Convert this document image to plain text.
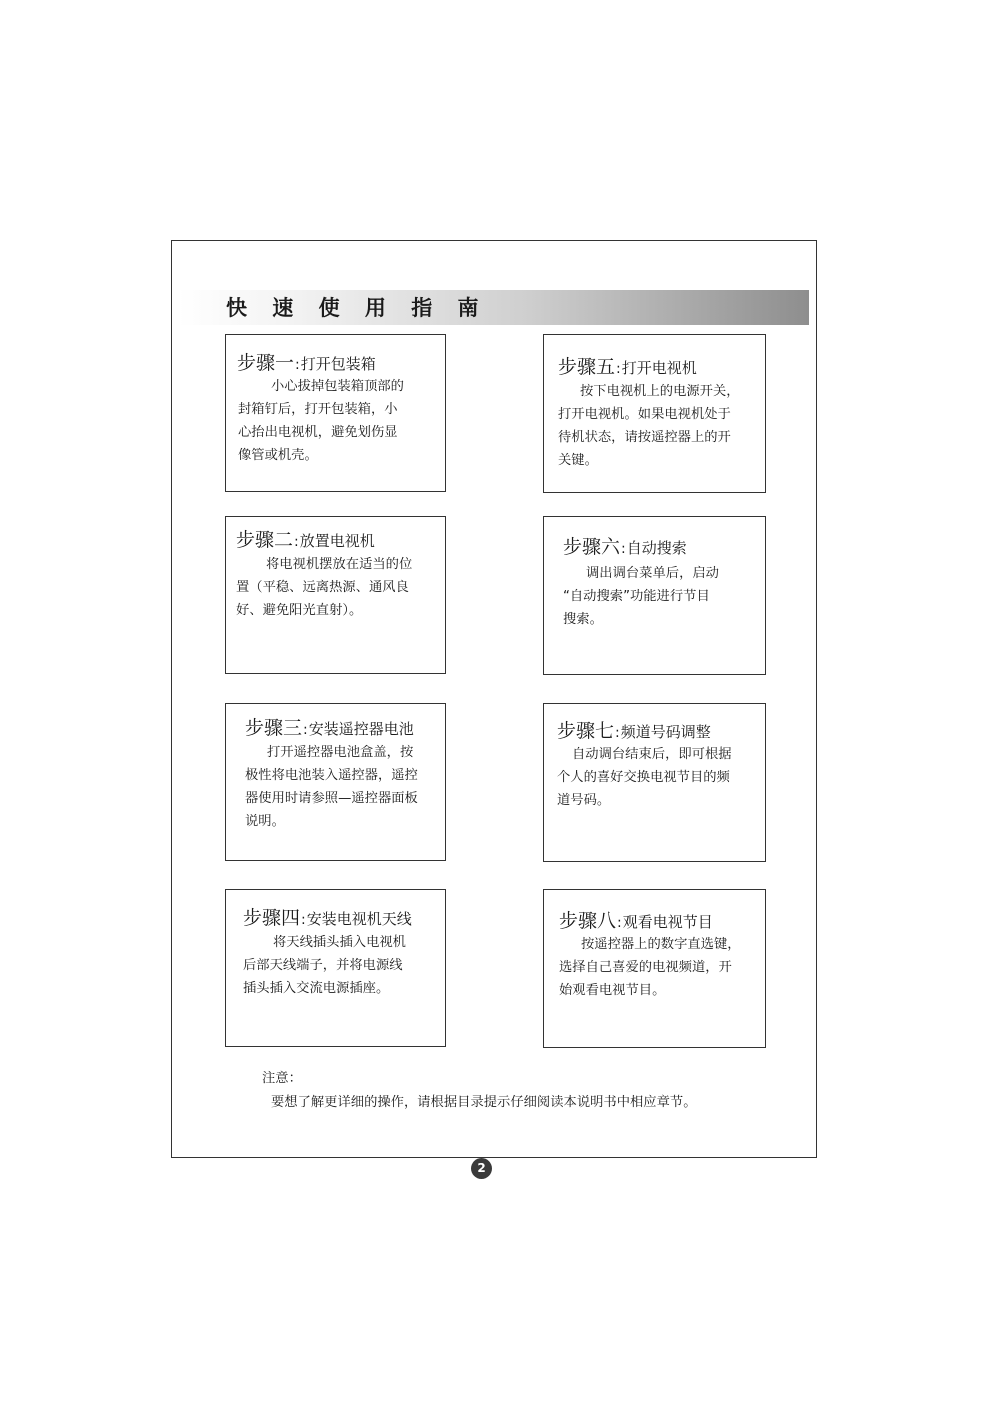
快 速 使 用 指 南
步骤一:打开包装箱
小心拔掉包装箱顶部的
封箱钉后，打开包装箱，小
心抬出电视机，避免划伤显
像管或机壳。
步骤二:放置电视机
将电视机摆放在适当的位
置（平稳、远离热源、通风良
好、避免阳光直射）。
步骤三:安装遥控器电池
打开遥控器电池盒盖，按
极性将电池装入遥控器，遥控
器使用时请参照—遥控器面板
说明。
步骤四:安装电视机天线
将天线插头插入电视机
后部天线端子，并将电源线
插头插入交流电源插座。
步骤五:打开电视机
按下电视机上的电源开关，
打开电视机。如果电视机处于
待机状态，请按遥控器上的开
关键。
步骤六:自动搜索
调出调台菜单后，启动
“自动搜索”功能进行节目
搜索。
步骤七:频道号码调整
自动调台结束后，即可根据
个人的喜好交换电视节目的频
道号码。
步骤八:观看电视节目
按遥控器上的数字直选键，
选择自己喜爱的电视频道，开
始观看电视节目。
注意：
要想了解更详细的操作，请根据目录提示仔细阅读本说明书中相应章节。
2
